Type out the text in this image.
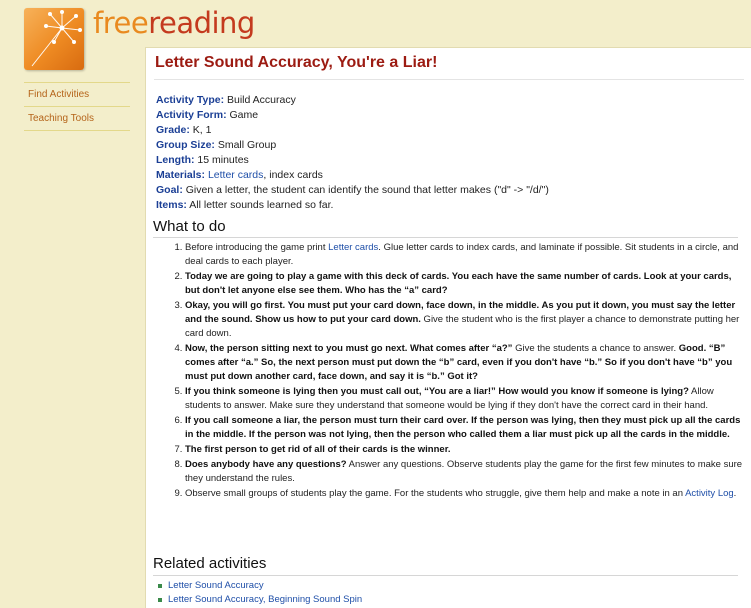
freereading
Find Activities
Teaching Tools
Letter Sound Accuracy, You're a Liar!
Activity Type: Build Accuracy
Activity Form: Game
Grade: K, 1
Group Size: Small Group
Length: 15 minutes
Materials: Letter cards, index cards
Goal: Given a letter, the student can identify the sound that letter makes ("d" -> "/d/")
Items: All letter sounds learned so far.
What to do
1. Before introducing the game print Letter cards. Glue letter cards to index cards, and laminate if possible. Sit students in a circle, and deal cards to each player.
2. Today we are going to play a game with this deck of cards. You each have the same number of cards. Look at your cards, but don't let anyone else see them. Who has the “a” card?
3. Okay, you will go first. You must put your card down, face down, in the middle. As you put it down, you must say the letter and the sound. Show us how to put your card down. Give the student who is the first player a chance to demonstrate putting her card down.
4. Now, the person sitting next to you must go next. What comes after “a?” Give the students a chance to answer. Good. “B” comes after “a.” So, the next person must put down the “b” card, even if you don't have “b.” So if you don't have “b” you must put down another card, face down, and say it is “b.” Got it?
5. If you think someone is lying then you must call out, “You are a liar!” How would you know if someone is lying? Allow students to answer. Make sure they understand that someone would be lying if they don't have the correct card in their hand.
6. If you call someone a liar, the person must turn their card over. If the person was lying, then they must pick up all the cards in the middle. If the person was not lying, then the person who called them a liar must pick up all the cards in the middle.
7. The first person to get rid of all of their cards is the winner.
8. Does anybody have any questions? Answer any questions. Observe students play the game for the first few minutes to make sure they understand the rules.
9. Observe small groups of students play the game. For the students who struggle, give them help and make a note in an Activity Log.
Related activities
Letter Sound Accuracy
Letter Sound Accuracy, Beginning Sound Spin
